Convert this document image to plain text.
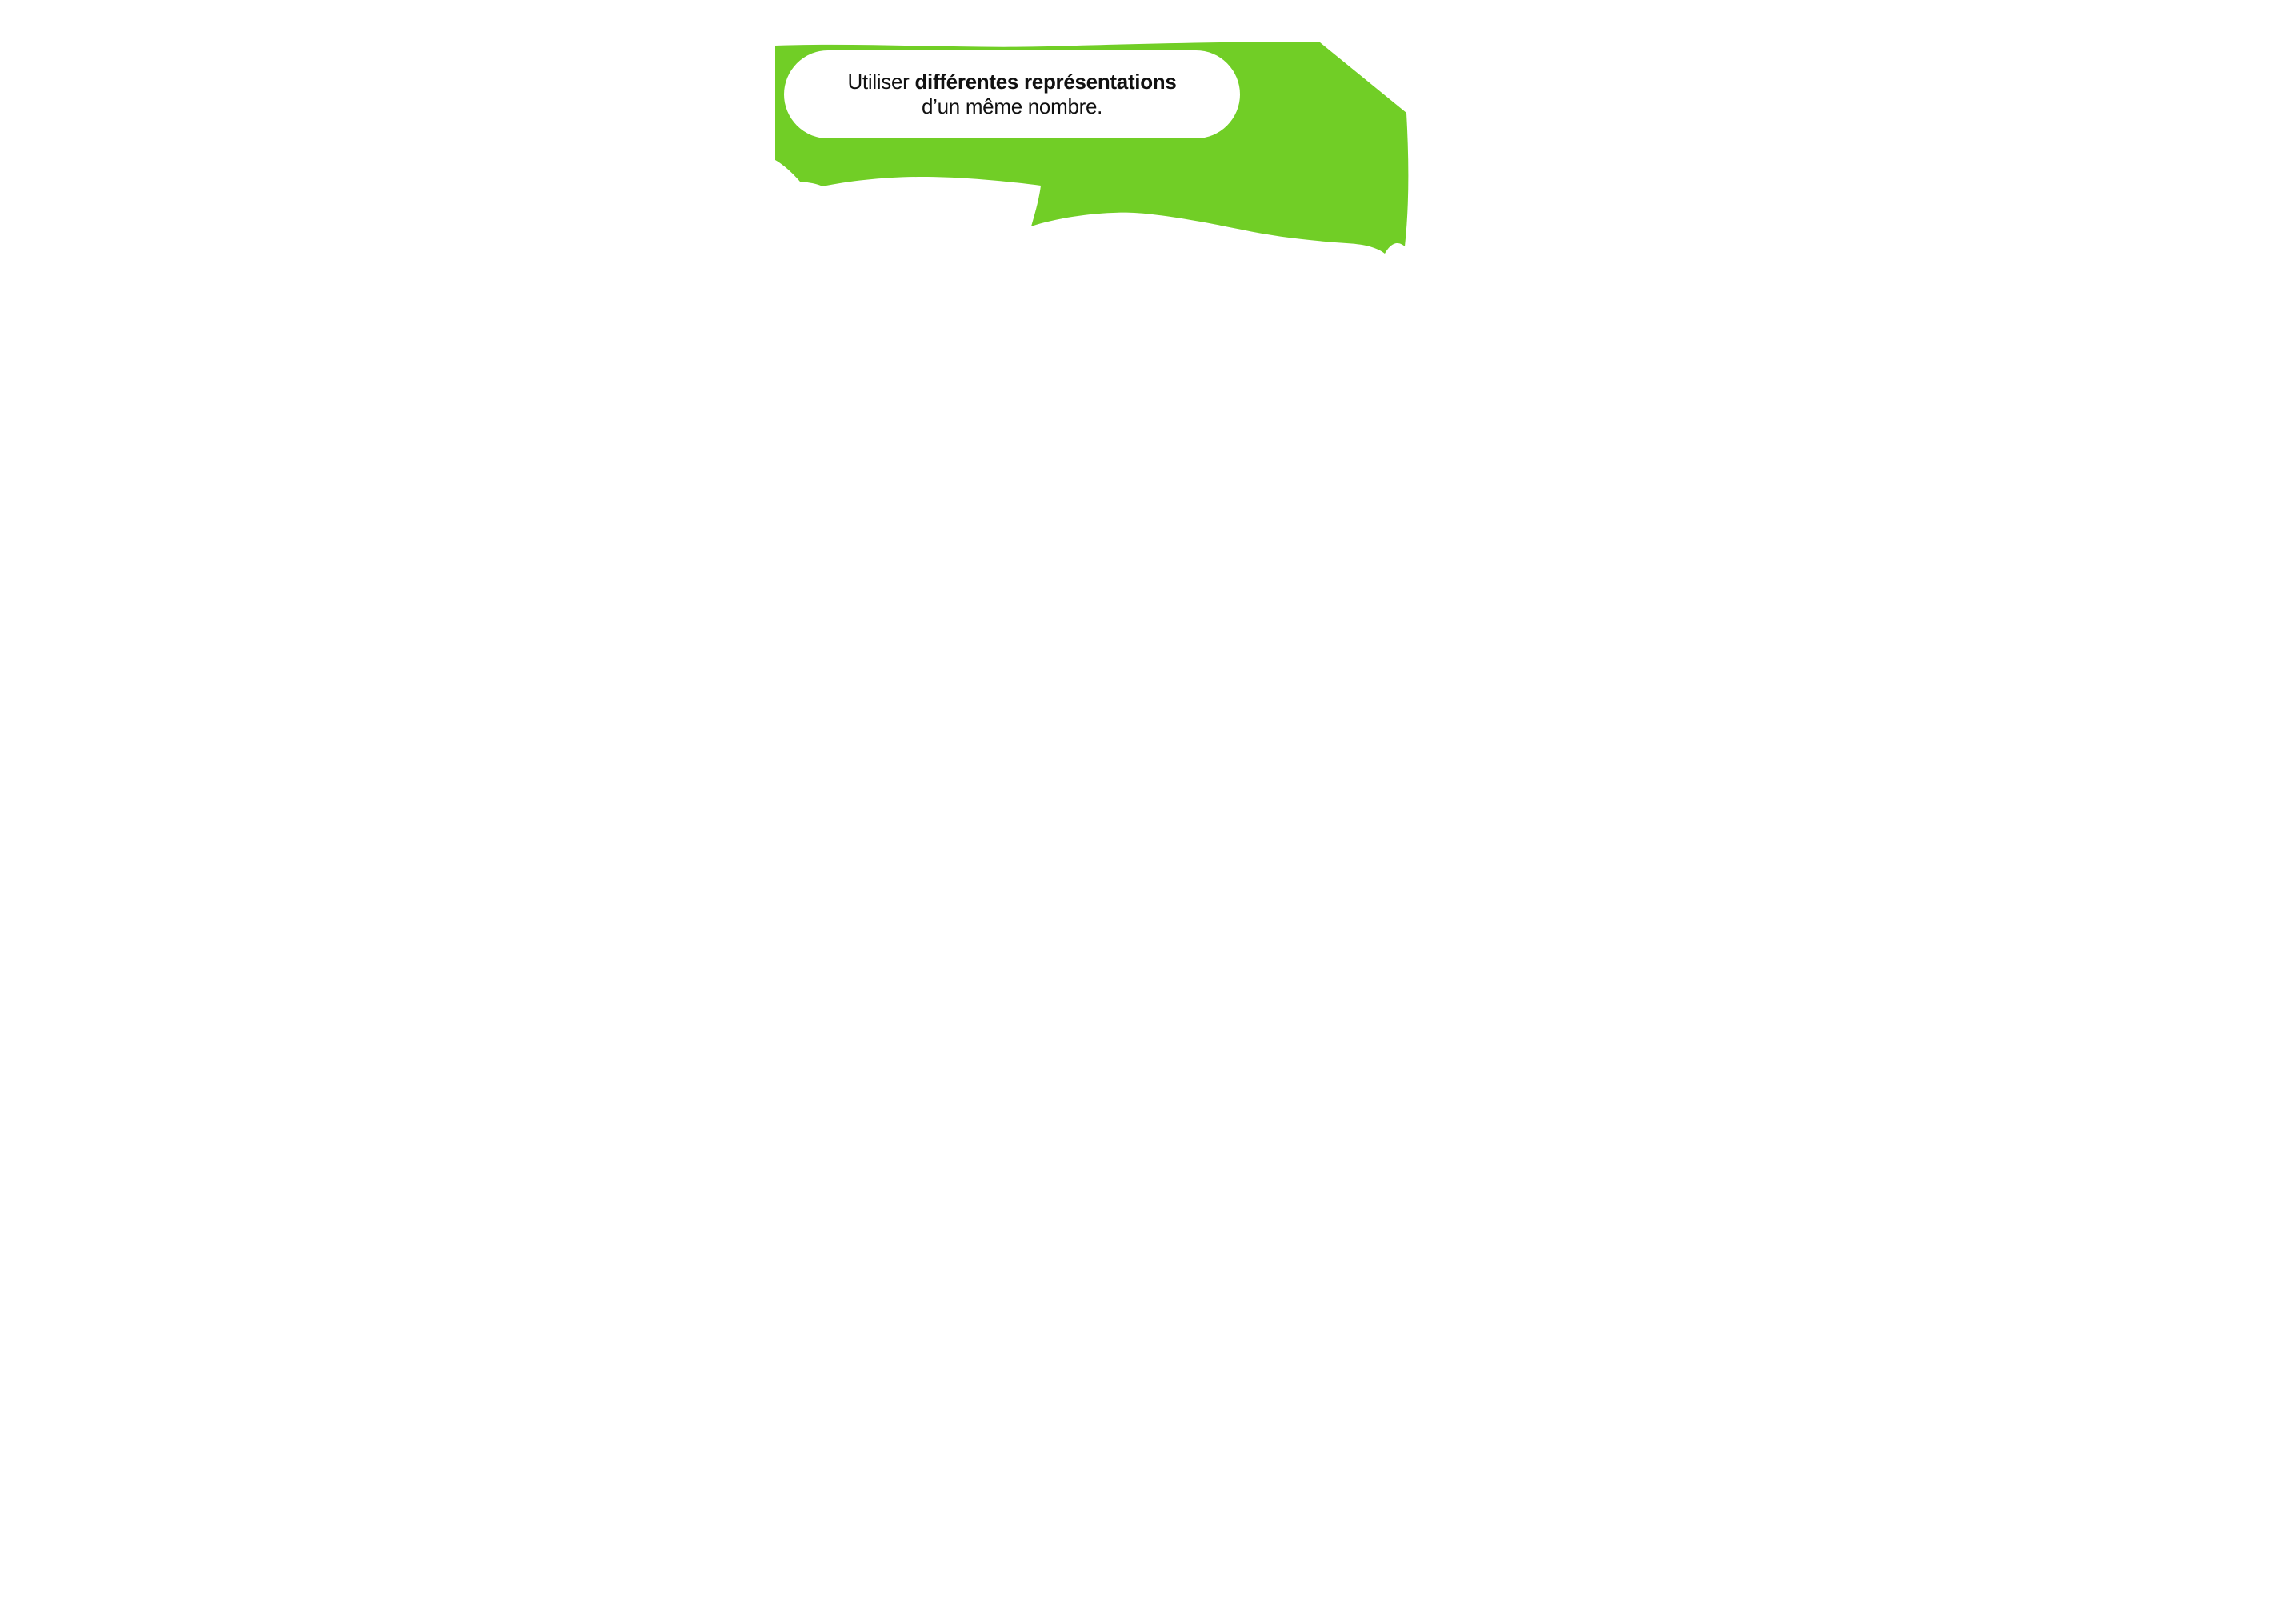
Utiliser différentes représentations
d’un même nombre.
